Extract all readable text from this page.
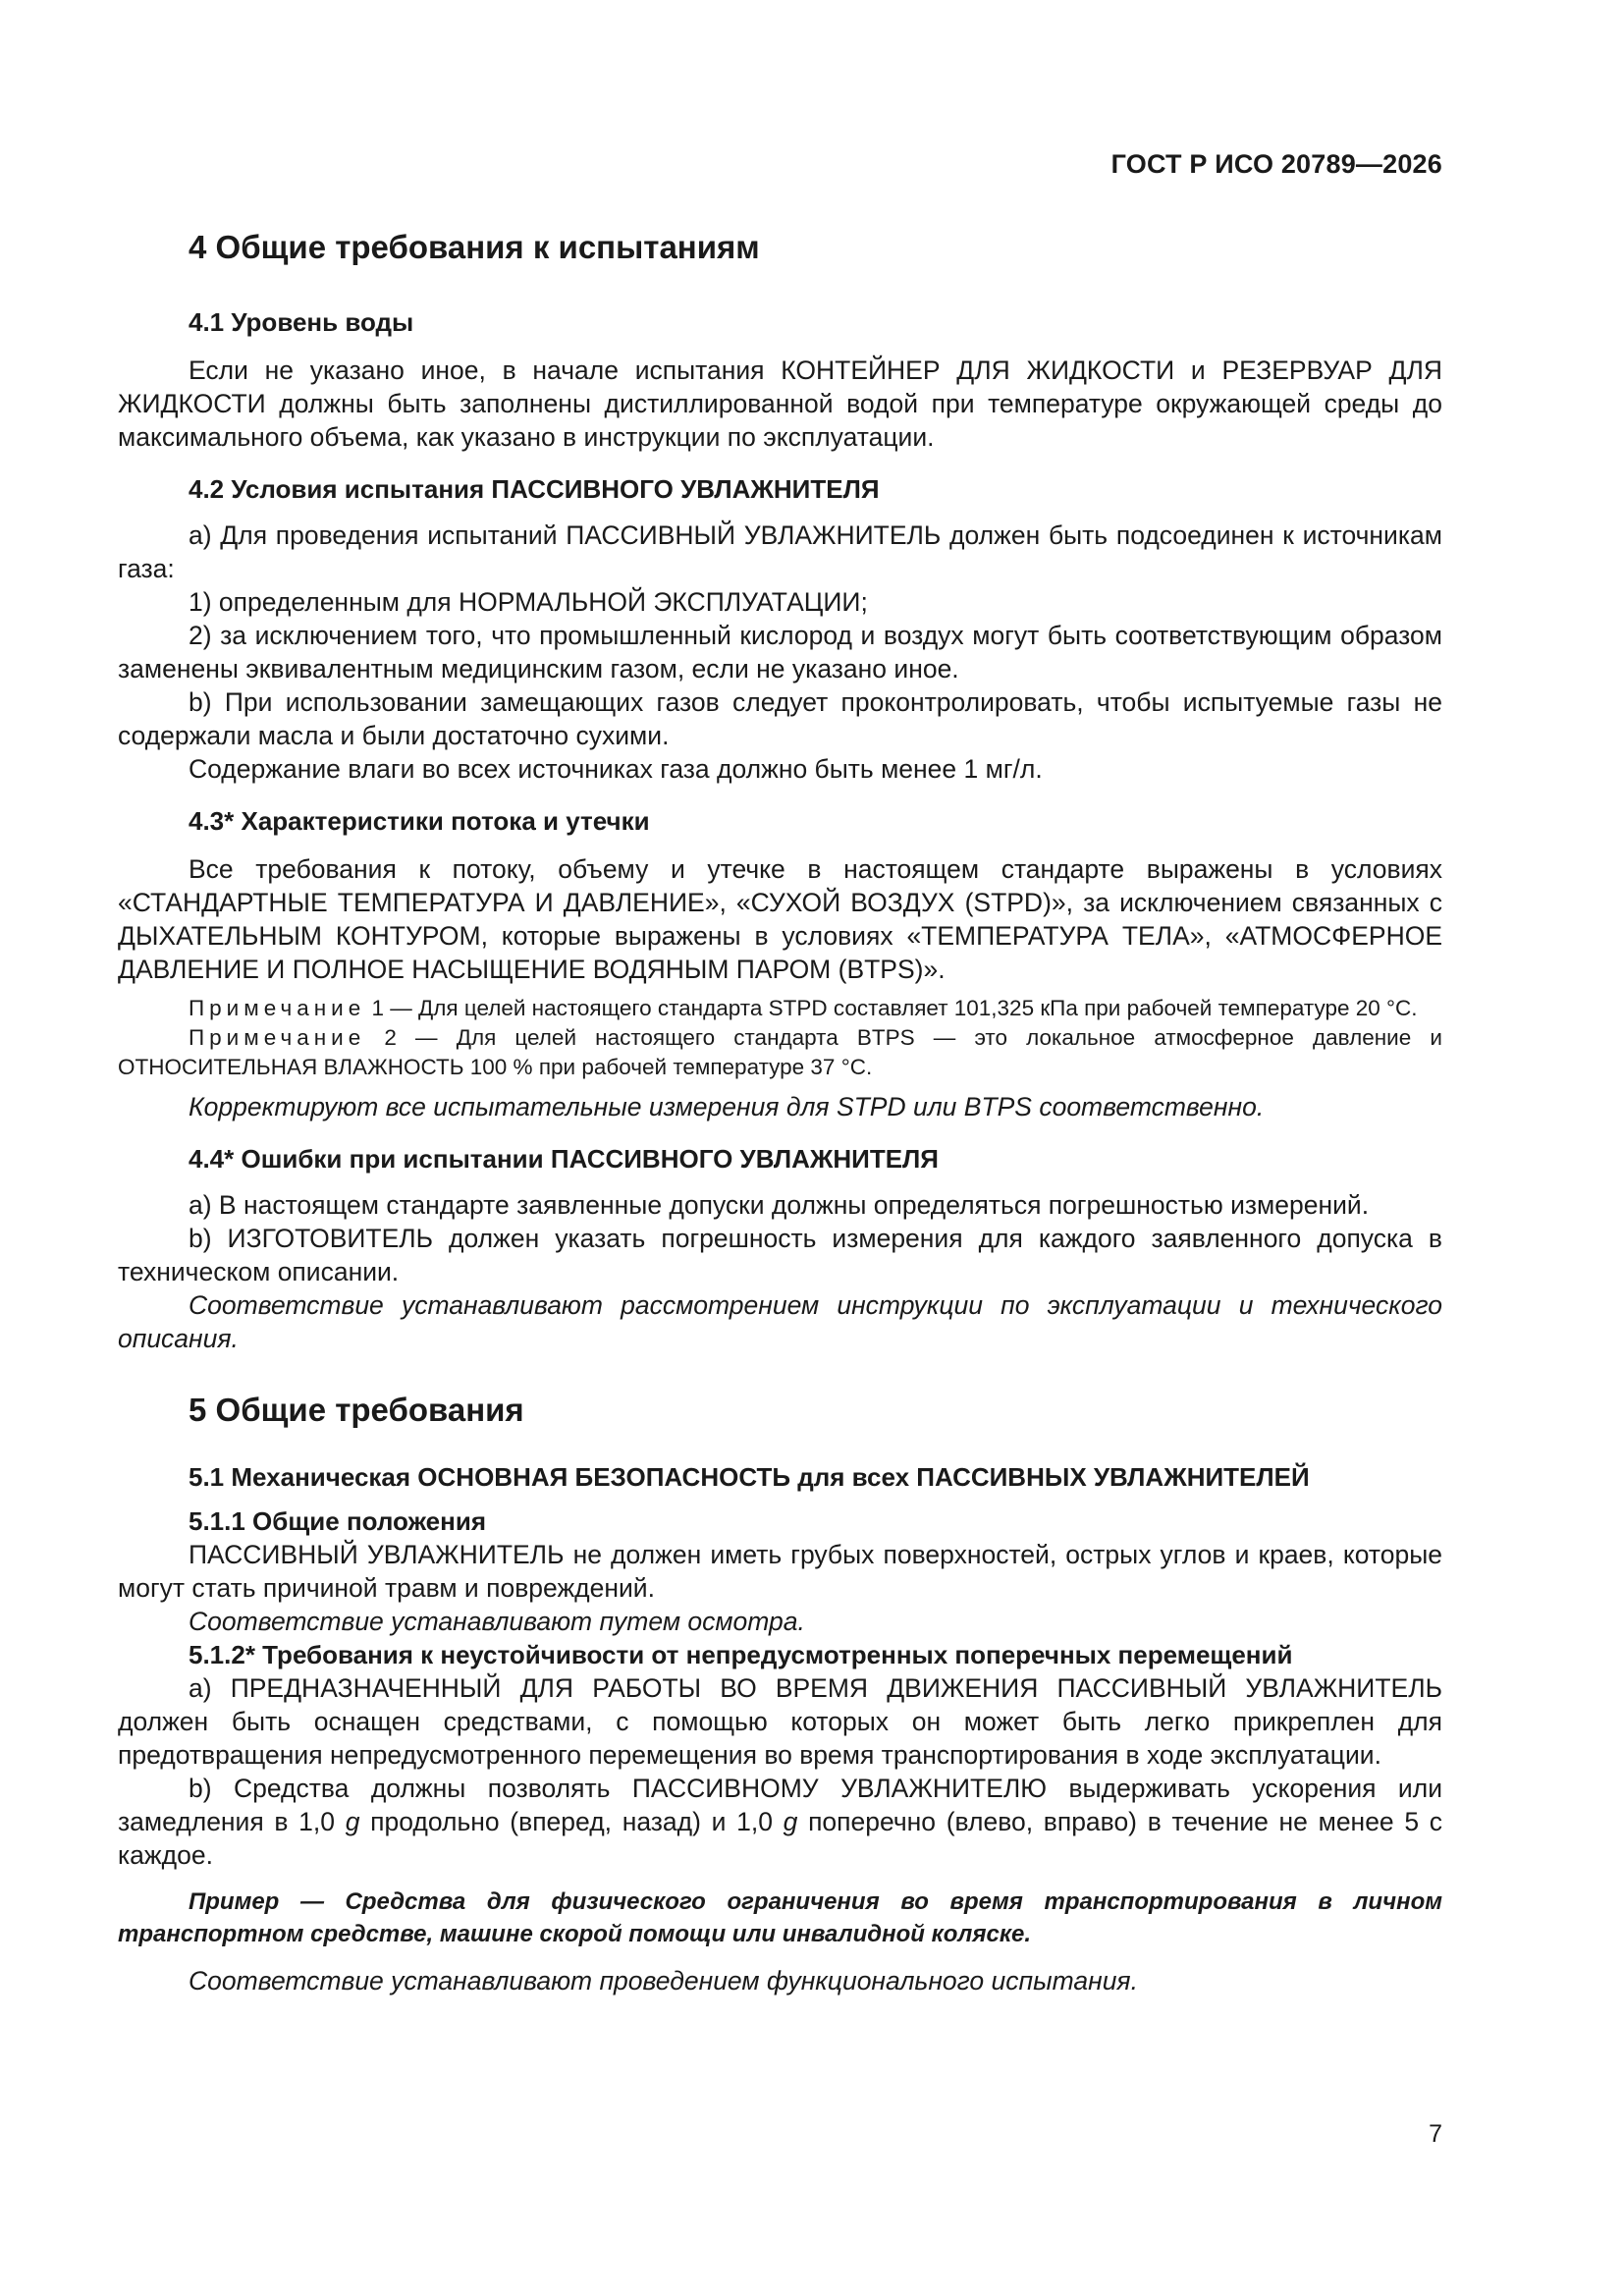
ГОСТ Р ИСО 20789—2026
4 Общие требования к испытаниям
4.1 Уровень воды

Если не указано иное, в начале испытания КОНТЕЙНЕР ДЛЯ ЖИДКОСТИ и РЕЗЕРВУАР ДЛЯ ЖИДКОСТИ должны быть заполнены дистиллированной водой при температуре окружающей среды до максимального объема, как указано в инструкции по эксплуатации.

4.2 Условия испытания ПАССИВНОГО УВЛАЖНИТЕЛЯ

а) Для проведения испытаний ПАССИВНЫЙ УВЛАЖНИТЕЛЬ должен быть подсоединен к источникам газа:

1) определенным для НОРМАЛЬНОЙ ЭКСПЛУАТАЦИИ;

2) за исключением того, что промышленный кислород и воздух могут быть соответствующим образом заменены эквивалентным медицинским газом, если не указано иное.

b) При использовании замещающих газов следует проконтролировать, чтобы испытуемые газы не содержали масла и были достаточно сухими.

Содержание влаги во всех источниках газа должно быть менее 1 мг/л.

4.3* Характеристики потока и утечки

Все требования к потоку, объему и утечке в настоящем стандарте выражены в условиях «СТАНДАРТНЫЕ ТЕМПЕРАТУРА И ДАВЛЕНИЕ», «СУХОЙ ВОЗДУХ (STPD)», за исключением связанных с ДЫХАТЕЛЬНЫМ КОНТУРОМ, которые выражены в условиях «ТЕМПЕРАТУРА ТЕЛА», «АТМОСФЕРНОЕ ДАВЛЕНИЕ И ПОЛНОЕ НАСЫЩЕНИЕ ВОДЯНЫМ ПАРОМ (BTPS)».

Примечание 1 — Для целей настоящего стандарта STPD составляет 101,325 кПа при рабочей температуре 20 °С.

Примечание 2 — Для целей настоящего стандарта BTPS — это локальное атмосферное давление и ОТНОСИТЕЛЬНАЯ ВЛАЖНОСТЬ 100 % при рабочей температуре 37 °С.

Корректируют все испытательные измерения для STPD или BTPS соответственно.

4.4* Ошибки при испытании ПАССИВНОГО УВЛАЖНИТЕЛЯ

а) В настоящем стандарте заявленные допуски должны определяться погрешностью измерений.

b) ИЗГОТОВИТЕЛЬ должен указать погрешность измерения для каждого заявленного допуска в техническом описании.

Соответствие устанавливают рассмотрением инструкции по эксплуатации и технического описания.

5 Общие требования
5.1 Механическая ОСНОВНАЯ БЕЗОПАСНОСТЬ для всех ПАССИВНЫХ УВЛАЖНИТЕЛЕЙ
5.1.1 Общие положения

ПАССИВНЫЙ УВЛАЖНИТЕЛЬ не должен иметь грубых поверхностей, острых углов и краев, которые могут стать причиной травм и повреждений.

Соответствие устанавливают путем осмотра.

5.1.2* Требования к неустойчивости от непредусмотренных поперечных перемещений

а) ПРЕДНАЗНАЧЕННЫЙ ДЛЯ РАБОТЫ ВО ВРЕМЯ ДВИЖЕНИЯ ПАССИВНЫЙ УВЛАЖНИТЕЛЬ должен быть оснащен средствами, с помощью которых он может быть легко прикреплен для предотвращения непредусмотренного перемещения во время транспортирования в ходе эксплуатации.

b) Средства должны позволять ПАССИВНОМУ УВЛАЖНИТЕЛЮ выдерживать ускорения или замедления в 1,0 g продольно (вперед, назад) и 1,0 g поперечно (влево, вправо) в течение не менее 5 с каждое.

Пример — Средства для физического ограничения во время транспортирования в личном транспортном средстве, машине скорой помощи или инвалидной коляске.

Соответствие устанавливают проведением функционального испытания.

7
